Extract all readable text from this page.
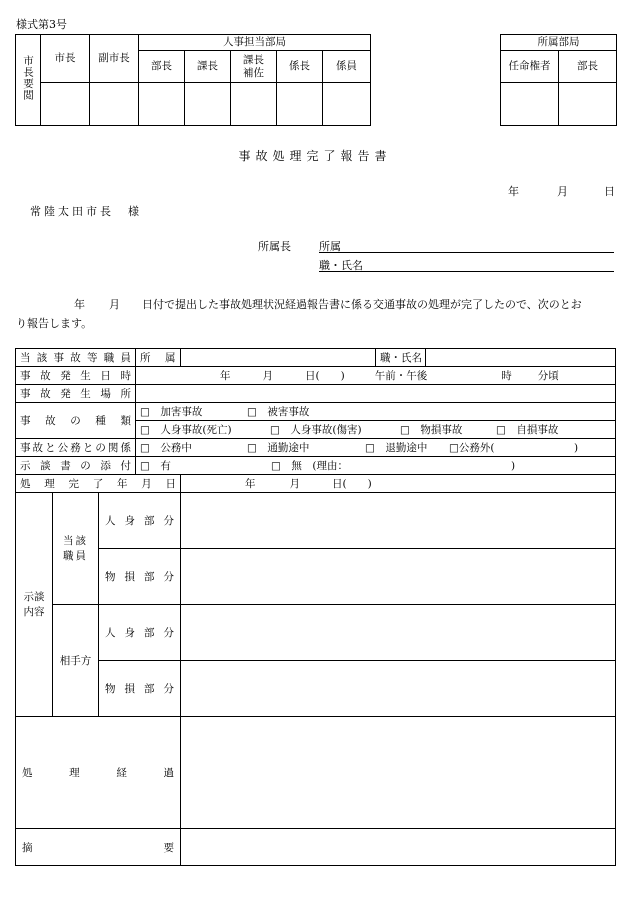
様式第3号
市長要閲	市長	副市長	人事担当部局				
			部長	課長	課長補佐	係長	係員

所属部局	
任命権者	部長

事故処理完了報告書
年	月	日
常陸太田市長　様
所属長	所属
職・氏名
年 月 日付で提出した事故処理状況経過報告書に係る交通事故の処理が完了したので、次のとお
り報告します。
当該事故等職員			所　属		職・氏名	

事故発生日時			年 月 日(　　) 午前・午後 時 分頃			

事故発生場所						

事故の種類			□　加害事故 □　被害事故			
			□　人身事故(死亡) □　人身事故(傷害) □　物損事故 □　自損事故			

事故と公務との関係			□　公務中 □　通勤途中 □　退勤途中 □公務外( )			

示談書の添付			□　有 □　無　(理由： )			

処理完了年月日				年 月 日(　　)		

示談内容	当該職員	人身部分				

		物損部分				

	相手方	人身部分				

		物損部分				

処理経過						

摘要						
